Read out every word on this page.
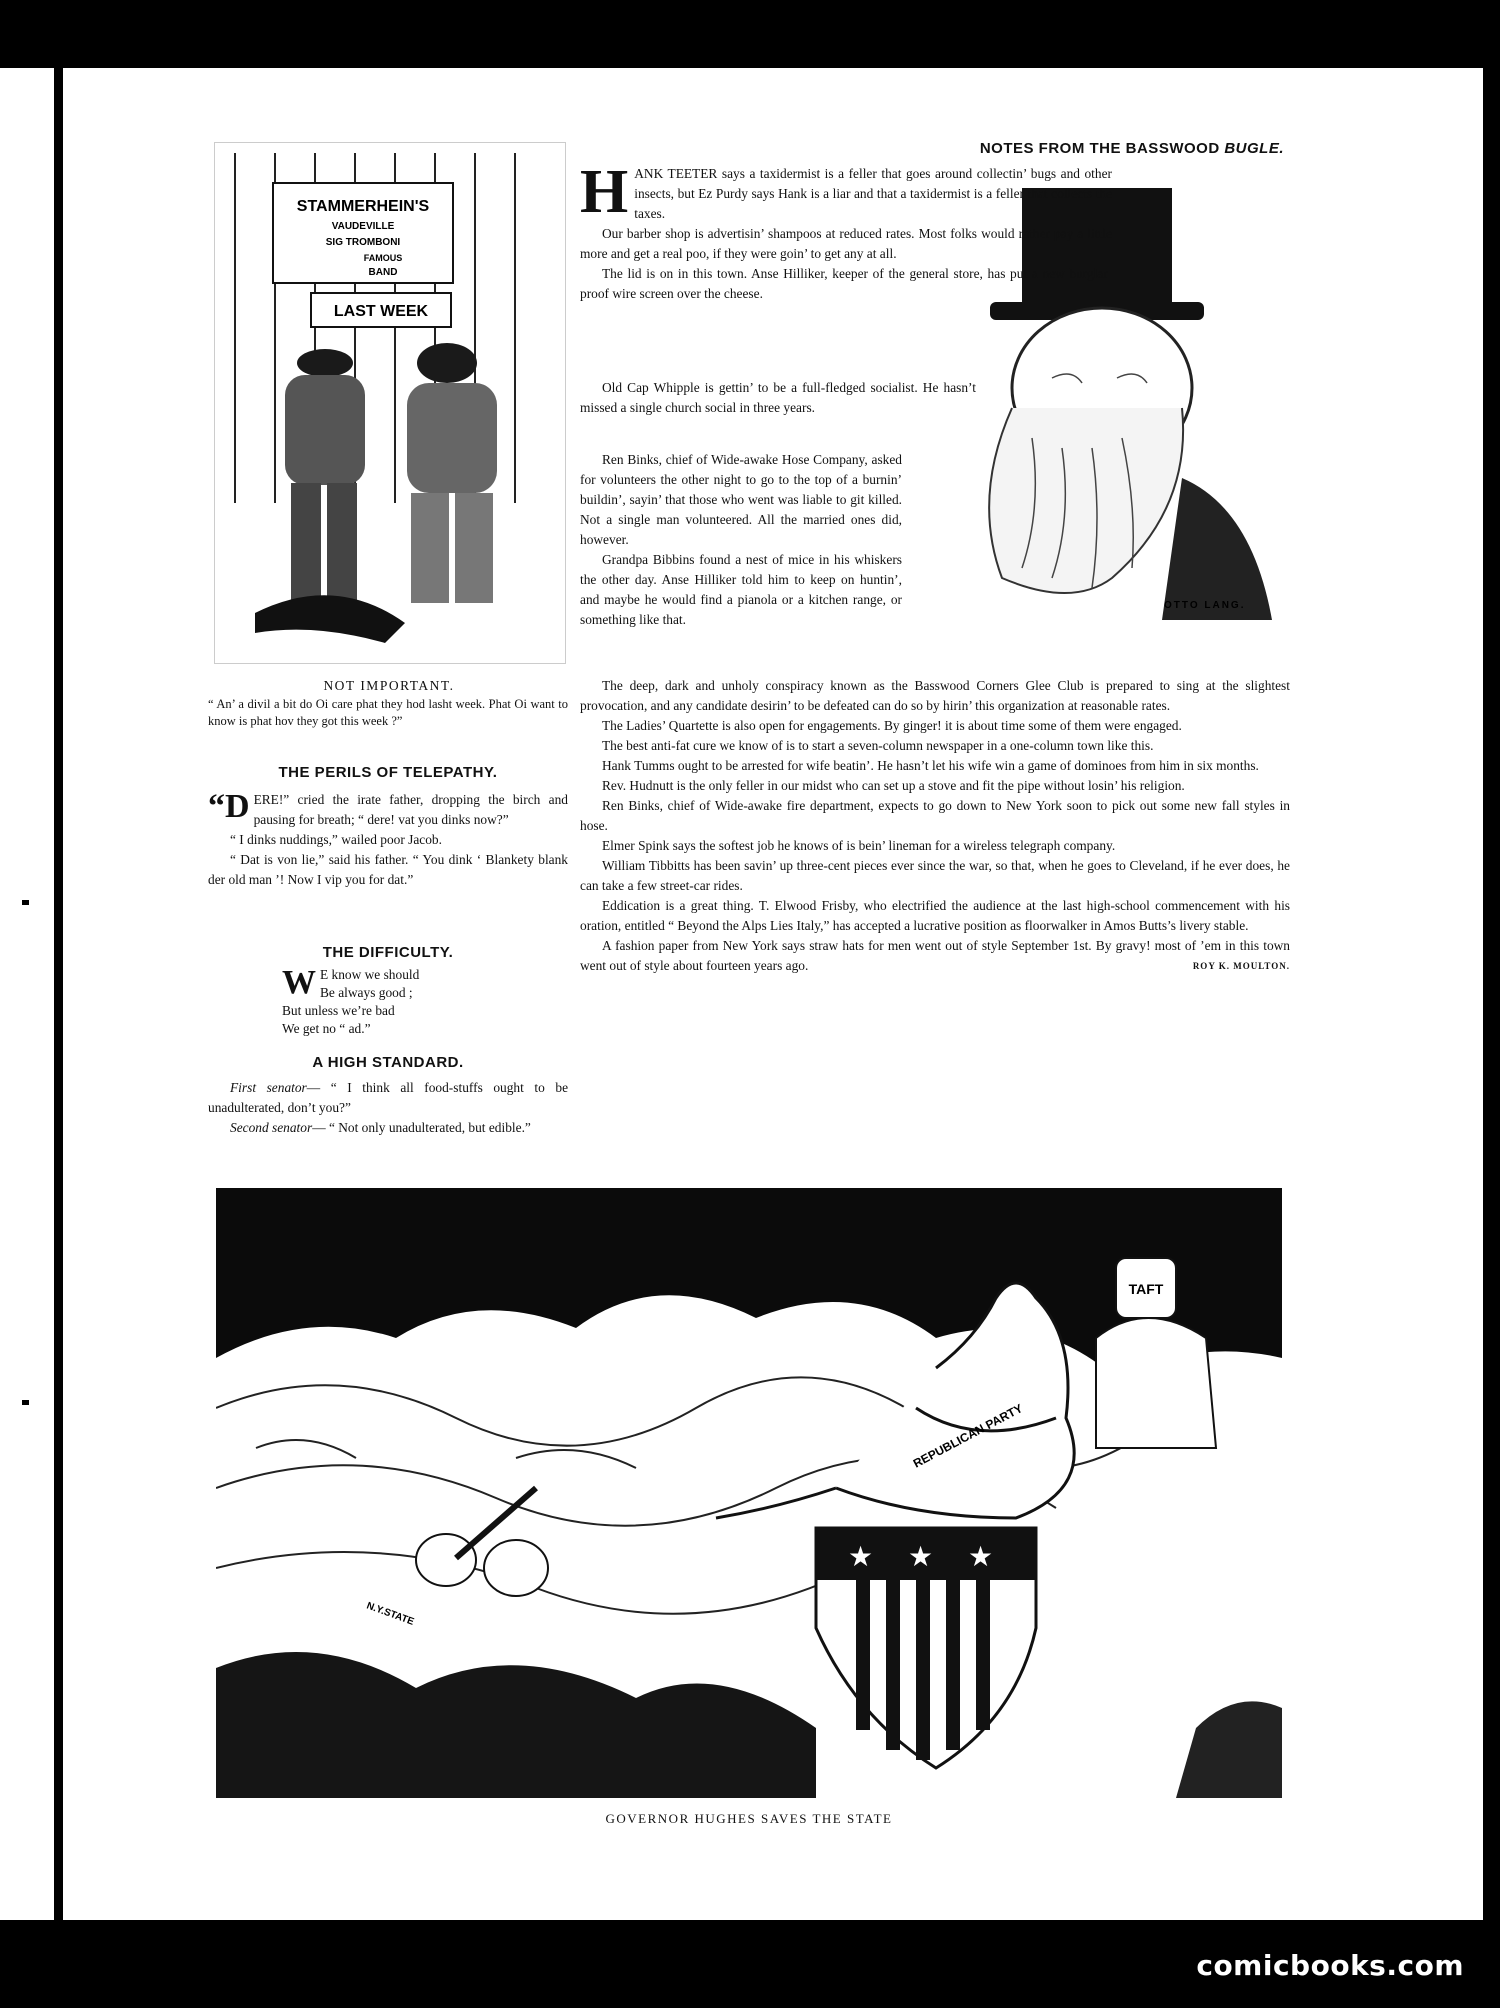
STAMMERHEIN'S
VAUDEVILLE
SIG TROMBONI
FAMOUS
BAND
LAST WEEK
NOT IMPORTANT.
“ An’ a divil a bit do Oi care phat they hod lasht week. Phat Oi want to know is phat hov they got this week ?”
THE PERILS OF TELEPATHY.

“DERE!” cried the irate father, dropping the birch and pausing for breath; “ dere! vat you dinks now?”

“ I dinks nuddings,” wailed poor Jacob.

“ Dat is von lie,” said his father. “ You dink ‘ Blankety blank der old man ’! Now I vip you for dat.”

THE DIFFICULTY.
W E know we should
Be always good ;
But unless we’re bad
We get no “ ad.”
A HIGH STANDARD.

First senator— “ I think all food-stuffs ought to be unadulterated, don’t you?”

Second senator— “ Not only unadulterated, but edible.”

NOTES FROM THE BASSWOOD BUGLE.
OTTO LANG.

HANK TEETER says a taxidermist is a feller that goes around collectin’ bugs and other insects, but Ez Purdy says Hank is a liar and that a taxidermist is a feller that collects the taxes.

Our barber shop is advertisin’ shampoos at reduced rates. Most folks would rather pay a little more and get a real poo, if they were goin’ to get any at all.

The lid is on in this town. Anse Hilliker, keeper of the general store, has put a new burglar-proof wire screen over the cheese.

Old Cap Whipple is gettin’ to be a full-fledged socialist. He hasn’t missed a single church social in three years.

Ren Binks, chief of Wide-awake Hose Company, asked for volunteers the other night to go to the top of a burnin’ buildin’, sayin’ that those who went was liable to git killed. Not a single man volunteered. All the married ones did, however.

Grandpa Bibbins found a nest of mice in his whiskers the other day. Anse Hilliker told him to keep on huntin’, and maybe he would find a pianola or a kitchen range, or something like that.

The deep, dark and unholy conspiracy known as the Basswood Corners Glee Club is prepared to sing at the slightest provocation, and any candidate desirin’ to be defeated can do so by hirin’ this organization at reasonable rates.

The Ladies’ Quartette is also open for engagements. By ginger! it is about time some of them were engaged.

The best anti-fat cure we know of is to start a seven-column newspaper in a one-column town like this.

Hank Tumms ought to be arrested for wife beatin’. He hasn’t let his wife win a game of dominoes from him in six months.

Rev. Hudnutt is the only feller in our midst who can set up a stove and fit the pipe without losin’ his religion.

Ren Binks, chief of Wide-awake fire department, expects to go down to New York soon to pick out some new fall styles in hose.

Elmer Spink says the softest job he knows of is bein’ lineman for a wireless telegraph company.

William Tibbitts has been savin’ up three-cent pieces ever since the war, so that, when he goes to Cleveland, if he ever does, he can take a few street-car rides.

Eddication is a great thing. T. Elwood Frisby, who electrified the audience at the last high-school commencement with his oration, entitled “ Beyond the Alps Lies Italy,” has accepted a lucrative position as floorwalker in Amos Butts’s livery stable.

A fashion paper from New York says straw hats for men went out of style September 1st. By gravy! most of ’em in this town went out of style about fourteen years ago.	ROY K. MOULTON.

★ ★ ★
TAFT
REPUBLICAN PARTY
N.Y.STATE
GOVERNOR HUGHES SAVES THE STATE
comicbooks.com
